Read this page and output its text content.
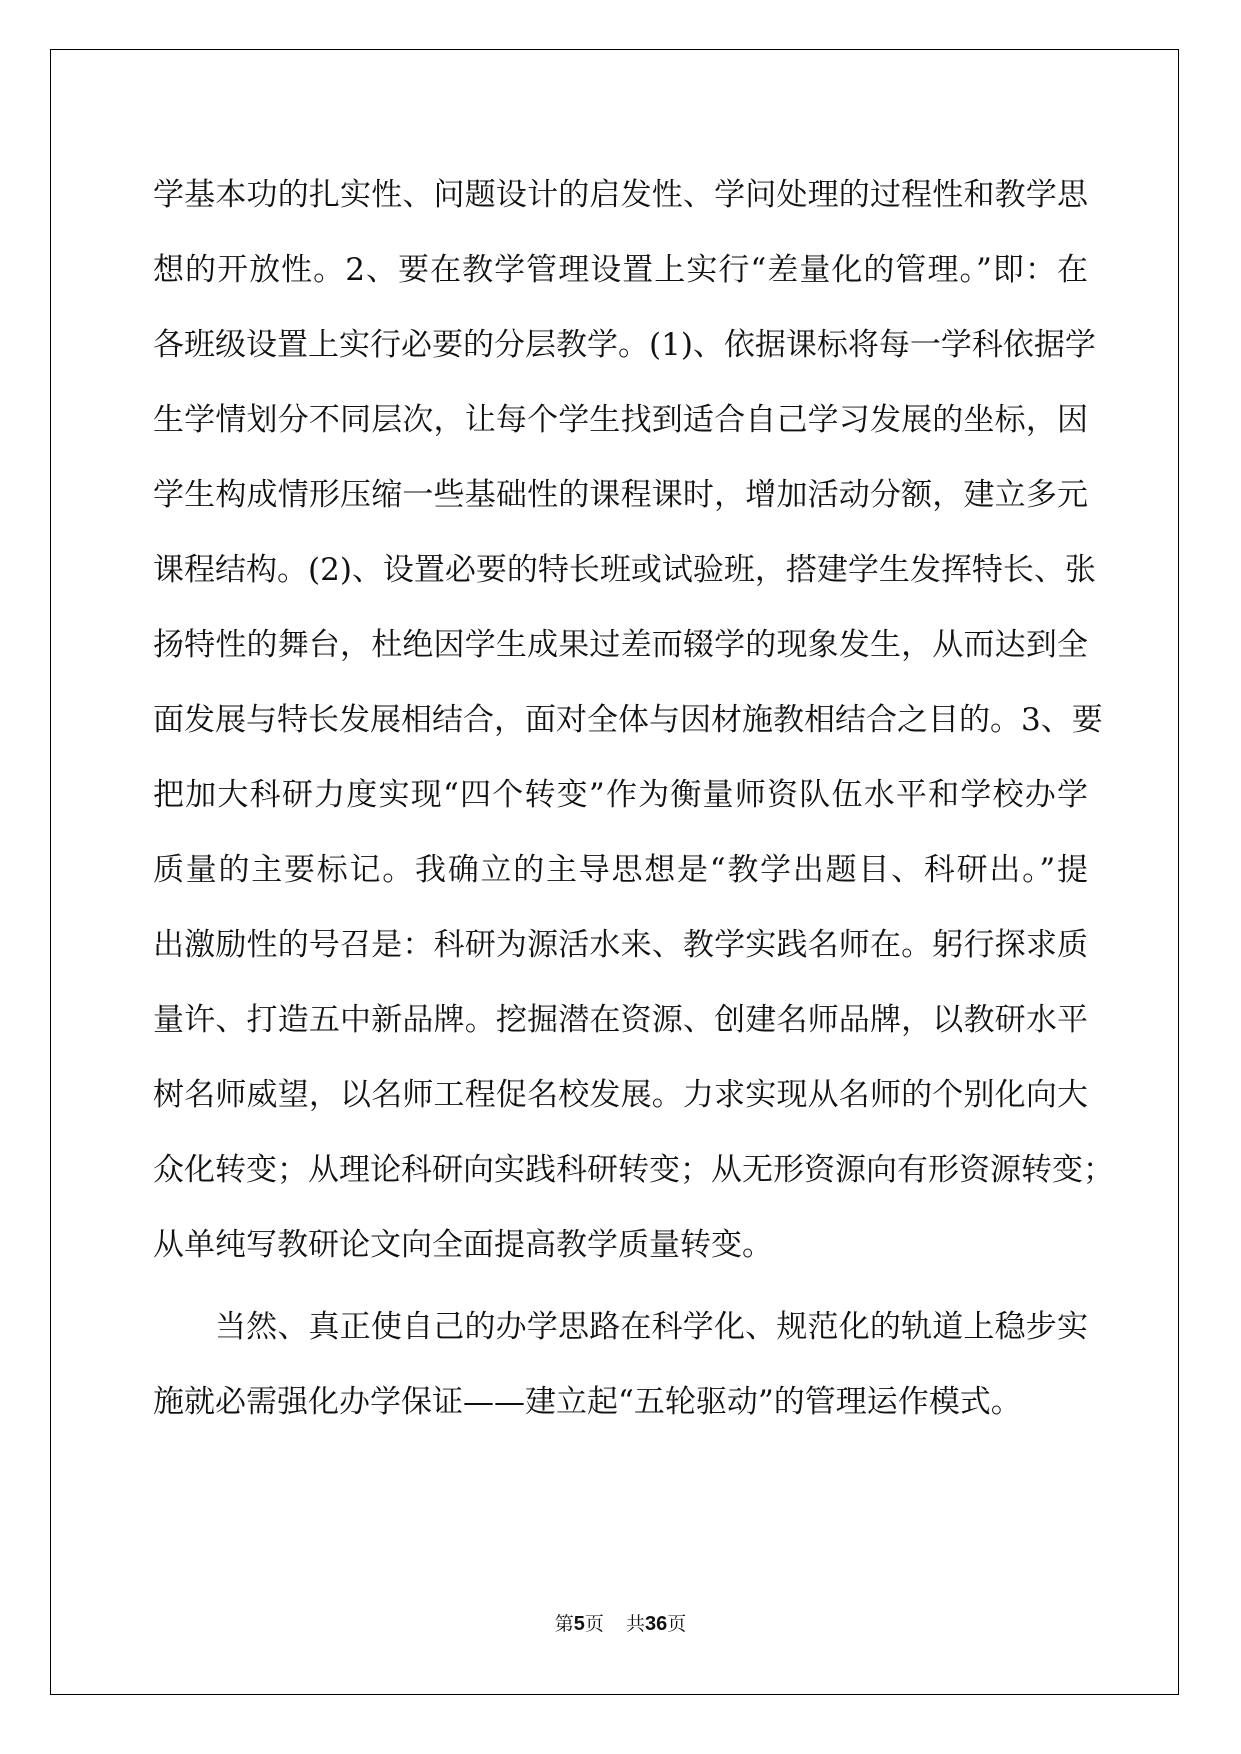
学基本功的扎实性、问题设计的启发性、学问处理的过程性和教学思
想的开放性。2、要在教学管理设置上实行“差量化的管理。”即：在
各班级设置上实行必要的分层教学。(1)、依据课标将每一学科依据学
生学情划分不同层次，让每个学生找到适合自己学习发展的坐标，因
学生构成情形压缩一些基础性的课程课时，增加活动分额，建立多元
课程结构。(2)、设置必要的特长班或试验班，搭建学生发挥特长、张
扬特性的舞台，杜绝因学生成果过差而辍学的现象发生，从而达到全
面发展与特长发展相结合，面对全体与因材施教相结合之目的。3、要
把加大科研力度实现“四个转变”作为衡量师资队伍水平和学校办学
质量的主要标记。我确立的主导思想是“教学出题目、科研出。”提
出激励性的号召是：科研为源活水来、教学实践名师在。躬行探求质
量许、打造五中新品牌。挖掘潜在资源、创建名师品牌，以教研水平
树名师威望，以名师工程促名校发展。力求实现从名师的个别化向大
众化转变；从理论科研向实践科研转变；从无形资源向有形资源转变；
从单纯写教研论文向全面提高教学质量转变。
当然、真正使自己的办学思路在科学化、规范化的轨道上稳步实
施就必需强化办学保证——建立起“五轮驱动”的管理运作模式。
第5页 共36页
